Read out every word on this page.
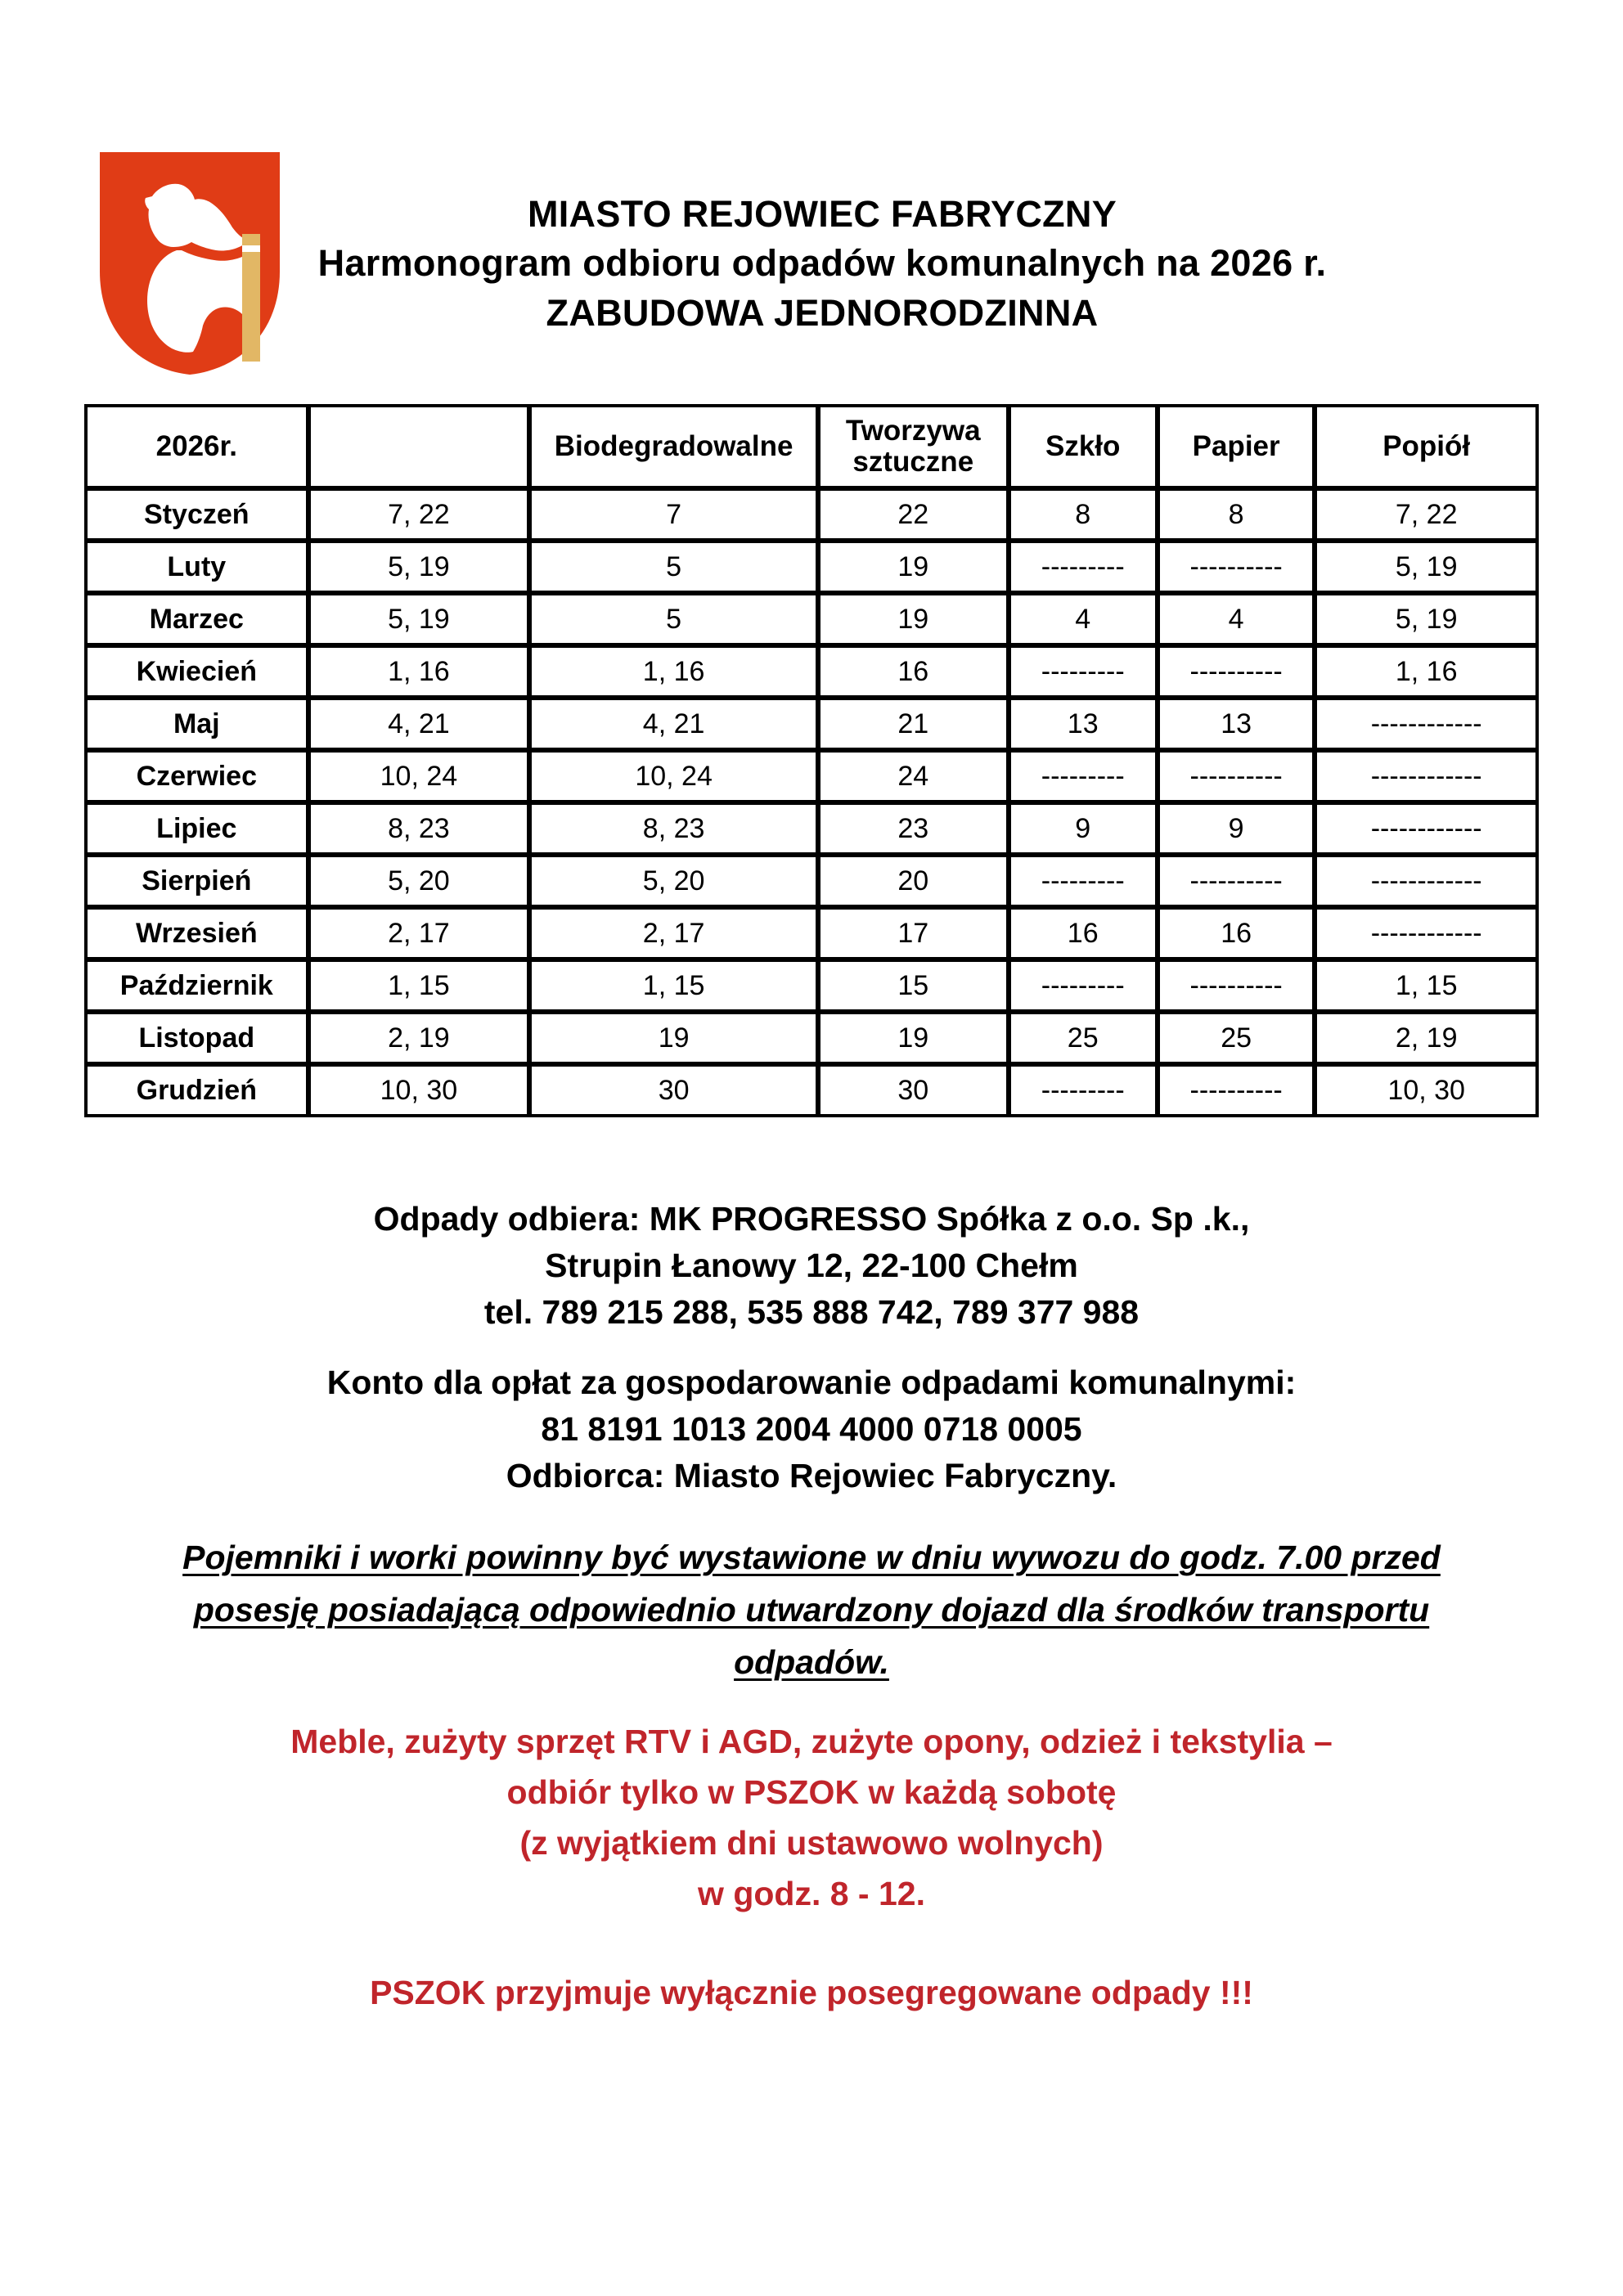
MIASTO REJOWIEC FABRYCZNY
Harmonogram odbioru odpadów komunalnych na 2026 r.
ZABUDOWA JEDNORODZINNA
2026r.	Zmieszane	Biodegradowalne	Tworzywa sztuczne	Szkło	Papier	Popiół
Styczeń	7, 22	7	22	8	8	7, 22
Luty	5, 19	5	19	---------	----------	5, 19
Marzec	5, 19	5	19	4	4	5, 19
Kwiecień	1, 16	1, 16	16	---------	----------	1, 16
Maj	4, 21	4, 21	21	13	13	------------
Czerwiec	10, 24	10, 24	24	---------	----------	------------
Lipiec	8, 23	8, 23	23	9	9	------------
Sierpień	5, 20	5, 20	20	---------	----------	------------
Wrzesień	2, 17	2, 17	17	16	16	------------
Październik	1, 15	1, 15	15	---------	----------	1, 15
Listopad	2, 19	19	19	25	25	2, 19
Grudzień	10, 30	30	30	---------	----------	10, 30
Odpady odbiera: MK PROGRESSO Spółka z o.o. Sp .k.,
Strupin Łanowy 12, 22-100 Chełm
tel. 789 215 288, 535 888 742, 789 377 988
Konto dla opłat za gospodarowanie odpadami komunalnymi:
81 8191 1013 2004 4000 0718 0005
Odbiorca: Miasto Rejowiec Fabryczny.
Pojemniki i worki powinny być wystawione w dniu wywozu do godz. 7.00 przed
posesję posiadającą odpowiednio utwardzony dojazd dla środków transportu
odpadów.
Meble, zużyty sprzęt RTV i AGD, zużyte opony, odzież i tekstylia –
odbiór tylko w PSZOK w każdą sobotę
(z wyjątkiem dni ustawowo wolnych)
w godz. 8 - 12.
PSZOK przyjmuje wyłącznie posegregowane odpady !!!
